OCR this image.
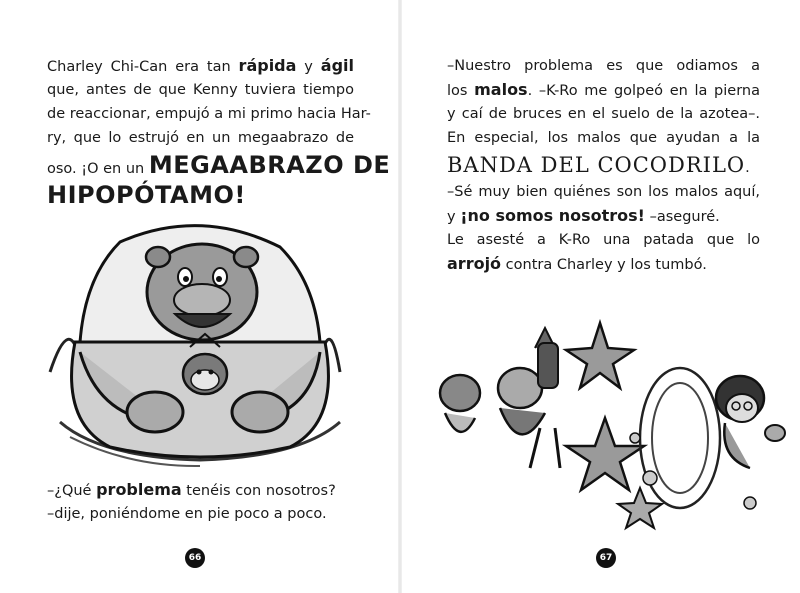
Charley Chi-Can era tan rápida y ágil
que, antes de que Kenny tuviera tiempo
de reaccionar, empujó a mi primo hacia Har-
ry, que lo estrujó en un megaabrazo de
oso. ¡O en un MEGAABRAZO DE
HIPOPÓTAMO!
–¿Qué problema tenéis con nosotros?
–dije, poniéndome en pie poco a poco.
66
–Nuestro problema es que odiamos a
los malos. –K-Ro me golpeó en la pierna
y caí de bruces en el suelo de la azotea–.
En especial, los malos que ayudan a la
BANDA DEL COCODRILO.
–Sé muy bien quiénes son los malos aquí,
y ¡no somos nosotros! –aseguré.
Le asesté a K-Ro una patada que lo
arrojó contra Charley y los tumbó.
67
